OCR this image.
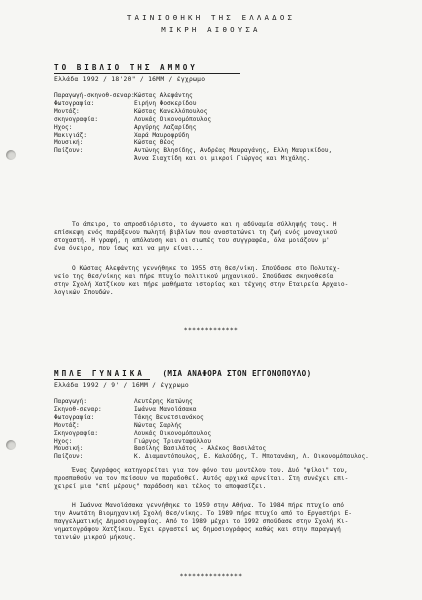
ΤΑΙΝΙΟΘΗΚΗ ΤΗΣ ΕΛΛΑΔΟΣ
ΜΙΚΡΗ ΑΙΘΟΥΣΑ
ΤΟ ΒΙΒΛΙΟ ΤΗΣ ΑΜΜΟΥ
Ελλάδα 1992 / 18'20" / 16ΜΜ / έγχρωμο
Παραγωγή-σκηνοθ-σεναρ: Κώστας Αλεφάντης
Φωτογραφία:	Ειρήνη Φοσκερίδου
Μοντάζ:	Κώστας Κανελλόπουλος
σκηνογραφία:	Λουκάς Οικονομόπουλος
Ηχος:	Αργύρης Λαζαρίδης
Μακιγιάζ:	Χαρά Μαυροφρύδη
Μουσική:	Κώστας Θέος
Παίζουν:	Αντώνης Βλησίδης, Ανδρέας Μαυραγάνης, Ελλη Μαυρικίδου,
Άννα Σιαχτίδη και οι μικροί Γιώργος και Μιχάλης.
Το άπειρο, το απροσδιόριστο, το άγνωστο και η αδύναμία σύλληψής τους. Η
επίσκεψη ενός παράξενου πωλητή βιβλίων που αναστατώνει τη ζωή ενός μοναχικού
στοχαστή. Η γραφή, η απόλαυση και οι σιωπές του συγγραφέα, όλα μοιάζουν μ'
ένα όνειρο, που ίσως και να μην είναι...
Ο Κώστας Αλεφάντης γεννήθηκε το 1955 στη Θεσ/νίκη. Σπούδασε στο Πολυτεχ-
νείο της Θεσ/νίκης και πήρε πτυχίο πολιτικού μηχανικού. Σπούδασε σκηνοθεσία
στην Σχολή Χατζίκου και πήρε μαθήματα ιστορίας και τέχνης στην Εταιρεία Αρχαιο-
λογικών Σπουδών.
*************
ΜΠΛΕ ΓΥΝΑΙΚΑ (ΜΙΑ ΑΝΑΦΟΡΑ ΣΤΟΝ ΕΓΓΟΝΟΠΟΥΛΟ)
Ελλάδα 1992 / 9' / 16ΜΜ / έγχρωμο
Παραγωγή:	Λευτέρης Κατώνης
Σκηνοθ-σεναρ:	Ιωάννα Μανοϊάσακα
Φωτογραφία:	Τάκης Βενετσιανάκος
Μοντάζ:	Νώντας Σαρλής
Σκηνογραφία:	Λουκάς Οικονομόπουλος
Ηχος:	Γιώργος Τριανταφύλλου
Μουσική:	Βασίλης Βασιλάτος - Αλέκος Βασιλάτος
Παίζουν:	Κ. Διαμαντόπουλος, Ε. Καλούδης, Τ. Μποτανάκη, Λ. Οικονομόπουλος.
Ένας ζωγράφος κατηγορείται για τον φόνο του μοντέλου του. Δυό "φίλοι" του,
προσπαθούν να τον πείσουν να παραδοθεί. Αυτός αρχικά αρνείται. Στη συνέχει επι-
χειρεί μια "επί μέρους" παράδοση και τέλος το αποφασίζει.
Η Ιωάννα Μανοϊάσακα γεννήθηκε το 1959 στην Αθήνα. Το 1984 πήρε πτυχίο από
την Ανωτάτη Βιομηχανική Σχολή Θεσ/νίκης. Το 1989 πήρε πτυχίο από το Εργαστήρι Ε-
παγγελματικής Δημοσιογραφίας. Από το 1989 μέχρι το 1992 σπούδασε στην Σχολή Κι-
νηματογράφου Χατζίκου. Έχει εργαστεί ως δημοσιογράφος καθώς και στην παραγωγή
ταινιών μικρού μήκους.
***************
